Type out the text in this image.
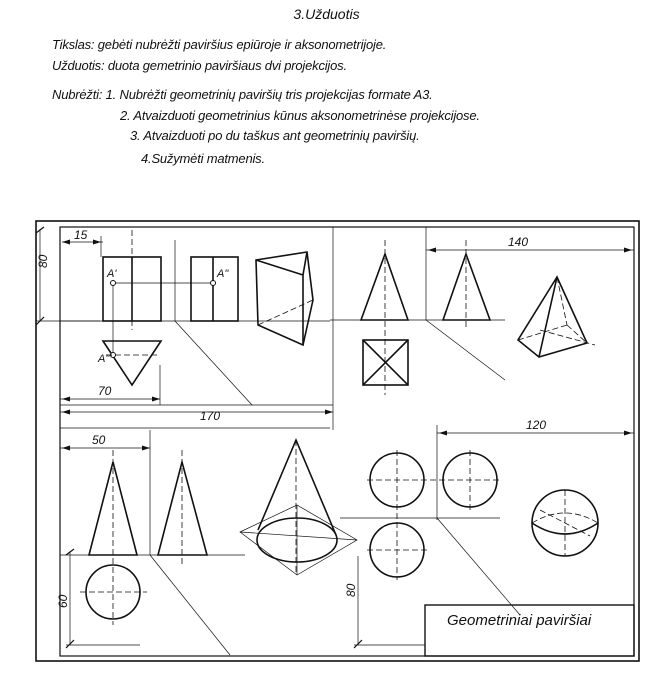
3.Užduotis
Tikslas: gebėti nubrėžti paviršius epiūroje ir aksonometrijoje.
Užduotis: duota gemetrinio paviršiaus dvi projekcijos.
Nubrėžti: 1. Nubrėžti geometrinių paviršių tris projekcijas formate A3.
2. Atvaizduoti geometrinius kūnus aksonometrinėse projekcijose.
3. Atvaizduoti po du taškus ant geometrinių paviršių.
4.Sužymėti matmenis.
15
80
140
70
170
50
120
60
80
A'	A''
A'''
Geometriniai paviršiai
